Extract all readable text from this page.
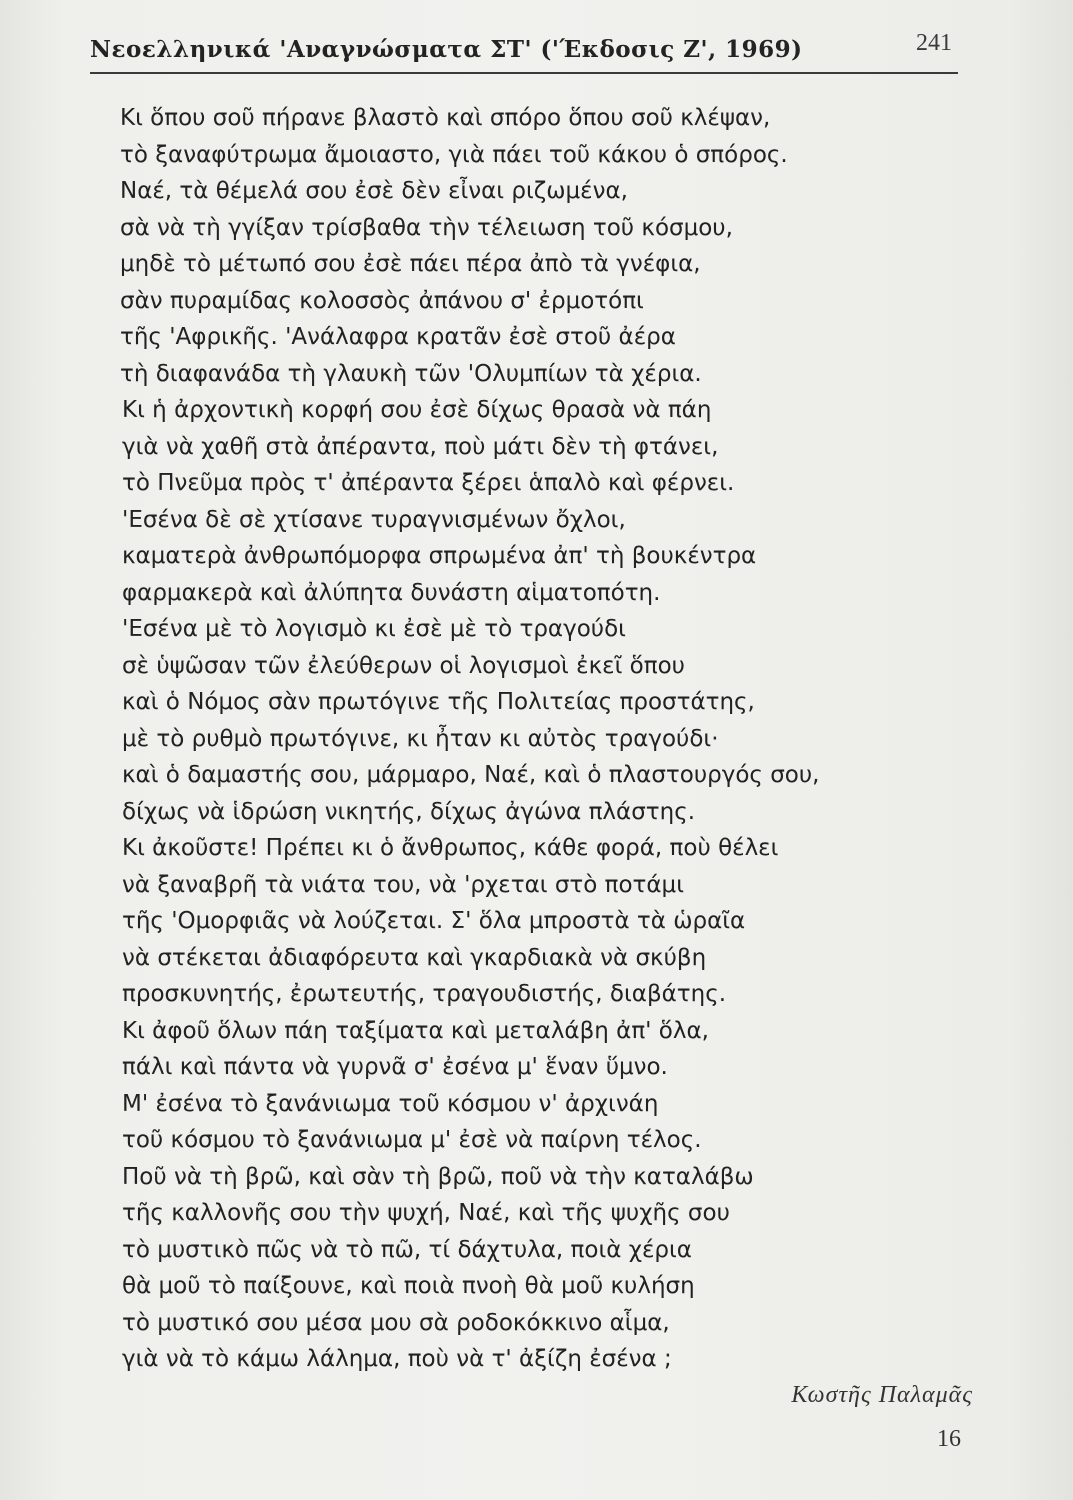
Νεοελληνικά 'Αναγνώσματα ΣΤ' ('Έκδοσις Ζ', 1969)	241
Κι ὅπου σοῦ πήρανε βλαστὸ καὶ σπόρο ὅπου σοῦ κλέψαν,
τὸ ξαναφύτρωμα ἄμοιαστο, γιὰ πάει τοῦ κάκου ὁ σπόρος.
Ναέ, τὰ θέμελά σου ἐσὲ δὲν εἶναι ριζωμένα,
σὰ νὰ τὴ γγίξαν τρίσβαθα τὴν τέλειωση τοῦ κόσμου,
μηδὲ τὸ μέτωπό σου ἐσὲ πάει πέρα ἀπὸ τὰ γνέφια,
σὰν πυραμίδας κολοσσὸς ἀπάνου σ' ἐρμοτόπι
τῆς 'Αφρικῆς. 'Ανάλαφρα κρατᾶν ἐσὲ στοῦ ἀέρα
τὴ διαφανάδα τὴ γλαυκὴ τῶν 'Ολυμπίων τὰ χέρια.
Κι ἡ ἀρχοντικὴ κορφή σου ἐσὲ δίχως θρασὰ νὰ πάη
γιὰ νὰ χαθῆ στὰ ἀπέραντα, ποὺ μάτι δὲν τὴ φτάνει,
τὸ Πνεῦμα πρὸς τ' ἀπέραντα ξέρει ἁπαλὸ καὶ φέρνει.
'Εσένα δὲ σὲ χτίσανε τυραγνισμένων ὄχλοι,
καματερὰ ἀνθρωπόμορφα σπρωμένα ἀπ' τὴ βουκέντρα
φαρμακερὰ καὶ ἀλύπητα δυνάστη αἱματοπότη.
'Εσένα μὲ τὸ λογισμὸ κι ἐσὲ μὲ τὸ τραγούδι
σὲ ὑψῶσαν τῶν ἐλεύθερων οἱ λογισμοὶ ἐκεῖ ὅπου
καὶ ὁ Νόμος σὰν πρωτόγινε τῆς Πολιτείας προστάτης,
μὲ τὸ ρυθμὸ πρωτόγινε, κι ἦταν κι αὐτὸς τραγούδι·
καὶ ὁ δαμαστής σου, μάρμαρο, Ναέ, καὶ ὁ πλαστουργός σου,
δίχως νὰ ἱδρώση νικητής, δίχως ἀγώνα πλάστης.
Κι ἀκοῦστε! Πρέπει κι ὁ ἄνθρωπος, κάθε φορά, ποὺ θέλει
νὰ ξαναβρῆ τὰ νιάτα του, νὰ 'ρχεται στὸ ποτάμι
τῆς 'Ομορφιᾶς νὰ λούζεται. Σ' ὅλα μπροστὰ τὰ ὡραῖα
νὰ στέκεται ἀδιαφόρευτα καὶ γκαρδιακὰ νὰ σκύβη
προσκυνητής, ἐρωτευτής, τραγουδιστής, διαβάτης.
Κι ἀφοῦ ὅλων πάη ταξίματα καὶ μεταλάβη ἀπ' ὅλα,
πάλι καὶ πάντα νὰ γυρνᾶ σ' ἐσένα μ' ἕναν ὕμνο.
Μ' ἐσένα τὸ ξανάνιωμα τοῦ κόσμου ν' ἀρχινάη
τοῦ κόσμου τὸ ξανάνιωμα μ' ἐσὲ νὰ παίρνη τέλος.
Ποῦ νὰ τὴ βρῶ, καὶ σὰν τὴ βρῶ, ποῦ νὰ τὴν καταλάβω
τῆς καλλονῆς σου τὴν ψυχή, Ναέ, καὶ τῆς ψυχῆς σου
τὸ μυστικὸ πῶς νὰ τὸ πῶ, τί δάχτυλα, ποιὰ χέρια
θὰ μοῦ τὸ παίξουνε, καὶ ποιὰ πνοὴ θὰ μοῦ κυλήση
τὸ μυστικό σου μέσα μου σὰ ροδοκόκκινο αἷμα,
γιὰ νὰ τὸ κάμω λάλημα, ποὺ νὰ τ' ἀξίζη ἐσένα ;
Κωστῆς Παλαμᾶς
16
